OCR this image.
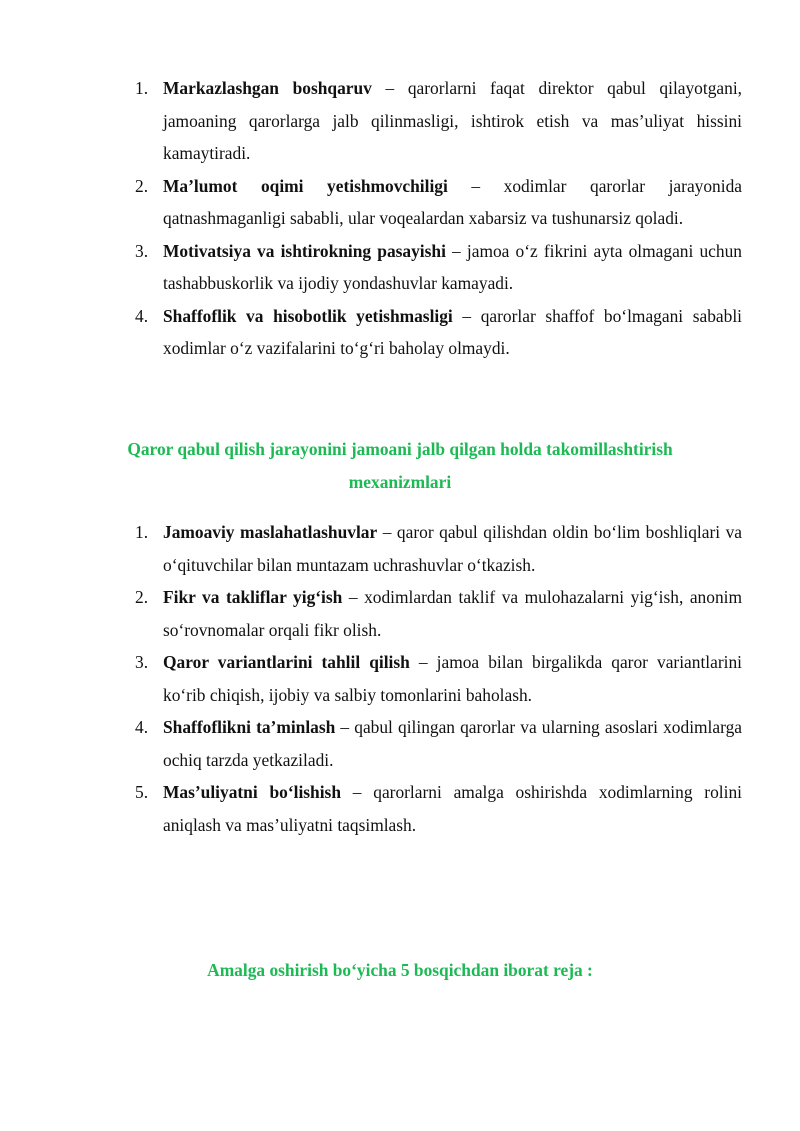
1. Markazlashgan boshqaruv – qarorlarni faqat direktor qabul qilayotgani, jamoaning qarorlarga jalb qilinmasligi, ishtirok etish va mas’uliyat hissini kamaytiradi.
2. Ma’lumot oqimi yetishmovchiligi – xodimlar qarorlar jarayonida qatnashmaganligi sababli, ular voqealardan xabarsiz va tushunarsiz qoladi.
3. Motivatsiya va ishtirokning pasayishi – jamoa o‘z fikrini ayta olmagani uchun tashabbuskorlik va ijodiy yondashuvlar kamayadi.
4. Shaffoflik va hisobotlik yetishmasligi – qarorlar shaffof bo‘lmagani sababli xodimlar o‘z vazifalarini to‘g‘ri baholay olmaydi.
Qaror qabul qilish jarayonini jamoani jalb qilgan holda takomillashtirish mexanizmlari
1. Jamoaviy maslahatlashuvlar – qaror qabul qilishdan oldin bo‘lim boshliqlari va o‘qituvchilar bilan muntazam uchrashuvlar o‘tkazish.
2. Fikr va takliflar yig‘ish – xodimlardan taklif va mulohazalarni yig‘ish, anonim so‘rovnomalar orqali fikr olish.
3. Qaror variantlarini tahlil qilish – jamoa bilan birgalikda qaror variantlarini ko‘rib chiqish, ijobiy va salbiy tomonlarini baholash.
4. Shaffoflikni ta’minlash – qabul qilingan qarorlar va ularning asoslari xodimlarga ochiq tarzda yetkaziladi.
5. Mas’uliyatni bo‘lishish – qarorlarni amalga oshirishda xodimlarning rolini aniqlash va mas’uliyatni taqsimlash.
Amalga oshirish bo‘yicha 5 bosqichdan iborat reja :
